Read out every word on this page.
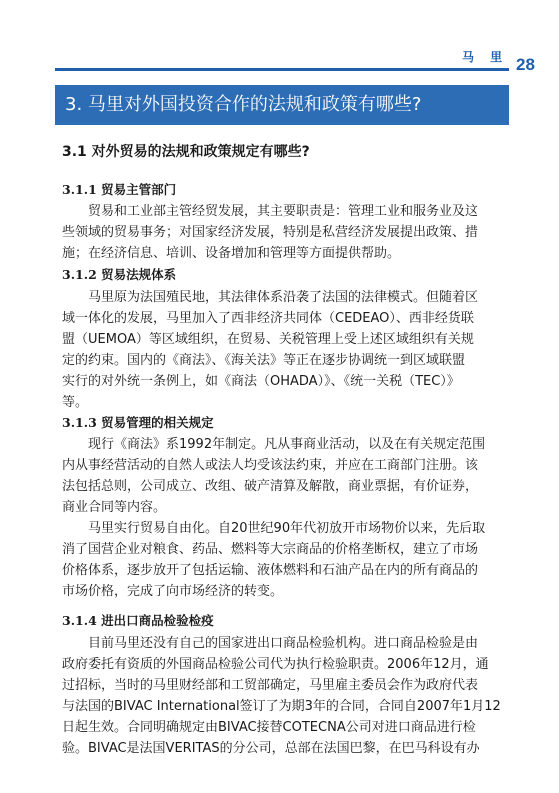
马 里 28
3. 马里对外国投资合作的法规和政策有哪些?
3.1 对外贸易的法规和政策规定有哪些?
3.1.1 贸易主管部门
贸易和工业部主管经贸发展，其主要职责是：管理工业和服务业及这
些领域的贸易事务；对国家经济发展，特别是私营经济发展提出政策、措
施；在经济信息、培训、设备增加和管理等方面提供帮助。
3.1.2 贸易法规体系
马里原为法国殖民地，其法律体系沿袭了法国的法律模式。但随着区
域一体化的发展，马里加入了西非经济共同体（CEDEAO）、西非经货联
盟（UEMOA）等区域组织，在贸易、关税管理上受上述区域组织有关规
定的约束。国内的《商法》、《海关法》等正在逐步协调统一到区域联盟
实行的对外统一条例上，如《商法（OHADA）》、《统一关税（TEC）》
等。
3.1.3 贸易管理的相关规定
现行《商法》系1992年制定。凡从事商业活动，以及在有关规定范围
内从事经营活动的自然人或法人均受该法约束，并应在工商部门注册。该
法包括总则，公司成立、改组、破产清算及解散，商业票据，有价证券，
商业合同等内容。
马里实行贸易自由化。自20世纪90年代初放开市场物价以来，先后取
消了国营企业对粮食、药品、燃料等大宗商品的价格垄断权，建立了市场
价格体系，逐步放开了包括运输、液体燃料和石油产品在内的所有商品的
市场价格，完成了向市场经济的转变。
3.1.4 进出口商品检验检疫
目前马里还没有自己的国家进出口商品检验机构。进口商品检验是由
政府委托有资质的外国商品检验公司代为执行检验职责。2006年12月，通
过招标，当时的马里财经部和工贸部确定，马里雇主委员会作为政府代表
与法国的BIVAC International签订了为期3年的合同，合同自2007年1月12
日起生效。合同明确规定由BIVAC接替COTECNA公司对进口商品进行检
验。BIVAC是法国VERITAS的分公司，总部在法国巴黎，在巴马科设有办
